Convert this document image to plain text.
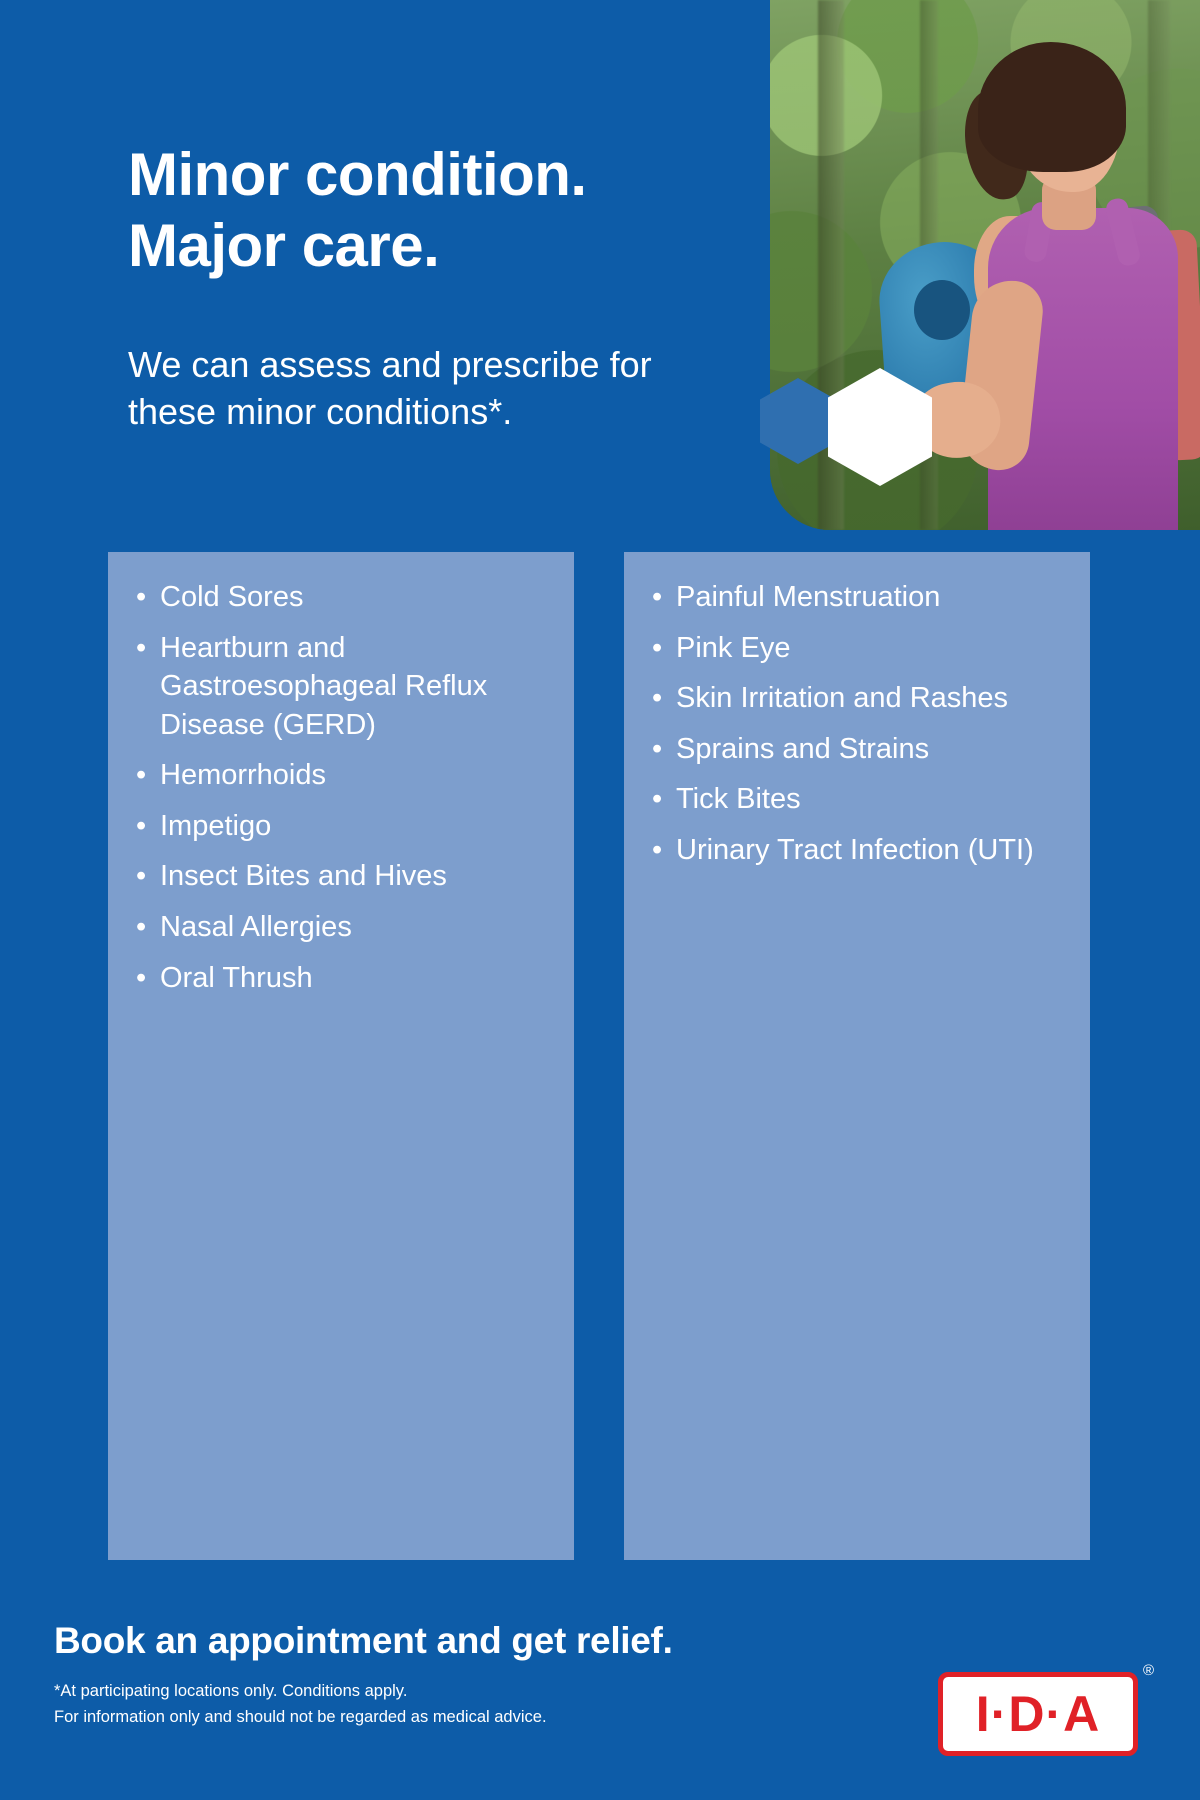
Minor condition.
Major care.
We can assess and prescribe for these minor conditions*.
• Cold Sores
• Heartburn and Gastroesophageal Reflux Disease (GERD)
• Hemorrhoids
• Impetigo
• Insect Bites and Hives
• Nasal Allergies
• Oral Thrush
• Painful Menstruation
• Pink Eye
• Skin Irritation and Rashes
• Sprains and Strains
• Tick Bites
• Urinary Tract Infection (UTI)
Book an appointment and get relief.
*At participating locations only. Conditions apply.
For information only and should not be regarded as medical advice.	I·D·A
®
